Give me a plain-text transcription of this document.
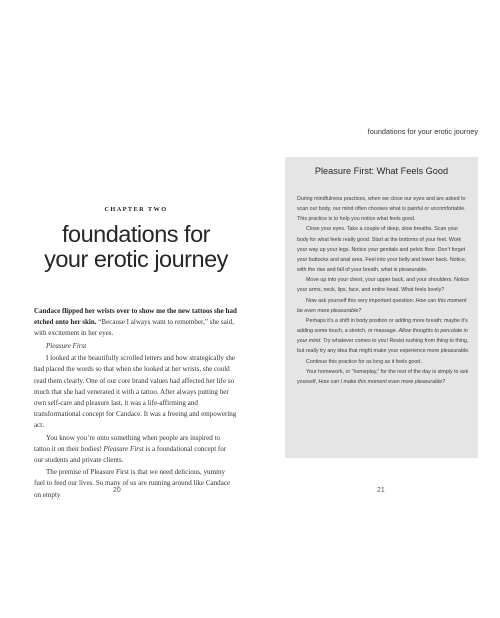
CHAPTER TWO
foundations for
your erotic journey

Candace flipped her wrists over to show me the new tattoos she had etched onto her skin. “Because I always want to remember,” she said, with excitement in her eyes.

Pleasure First

I looked at the beautifully scrolled letters and how strategically she had placed the words so that when she looked at her wrists, she could read them clearly. One of our core brand values had affected her life so much that she had venerated it with a tattoo. After always putting her own self-care and pleasure last, it was a life-affirming and transformational concept for Candace. It was a freeing and empowering act.

You know you’re onto something when people are inspired to tattoo it on their bodies! Pleasure First is a foundational concept for our students and private clients.

The premise of Pleasure First is that we need delicious, yummy fuel to feed our lives. So many of us are running around like Candace on empty	20
foundations for your erotic journey
Pleasure First: What Feels Good

During mindfulness practices, when we close our eyes and are asked to scan our body, our mind often chooses what is painful or uncomfortable. This practice is to help you notice what feels good.

Close your eyes. Take a couple of deep, slow breaths. Scan your body for what feels really good. Start at the bottoms of your feet. Work your way up your legs. Notice your genitals and pelvic floor. Don’t forget your buttocks and anal area. Feel into your belly and lower back. Notice, with the rise and fall of your breath, what is pleasurable.

Move up into your chest, your upper back, and your shoulders. Notice your arms, neck, lips, face, and entire head. What feels lovely?

Now ask yourself this very important question: How can this moment be even more pleasurable?

Perhaps it’s a shift in body position or adding more breath; maybe it’s adding some touch, a stretch, or massage. Allow thoughts to percolate in your mind. Try whatever comes to you! Resist rushing from thing to thing, but really try any idea that might make your experience more pleasurable.

Continue this practice for as long as it feels good.

Your homework, or “homeplay,” for the rest of the day is simply to ask yourself, How can I make this moment even more pleasurable?

21
